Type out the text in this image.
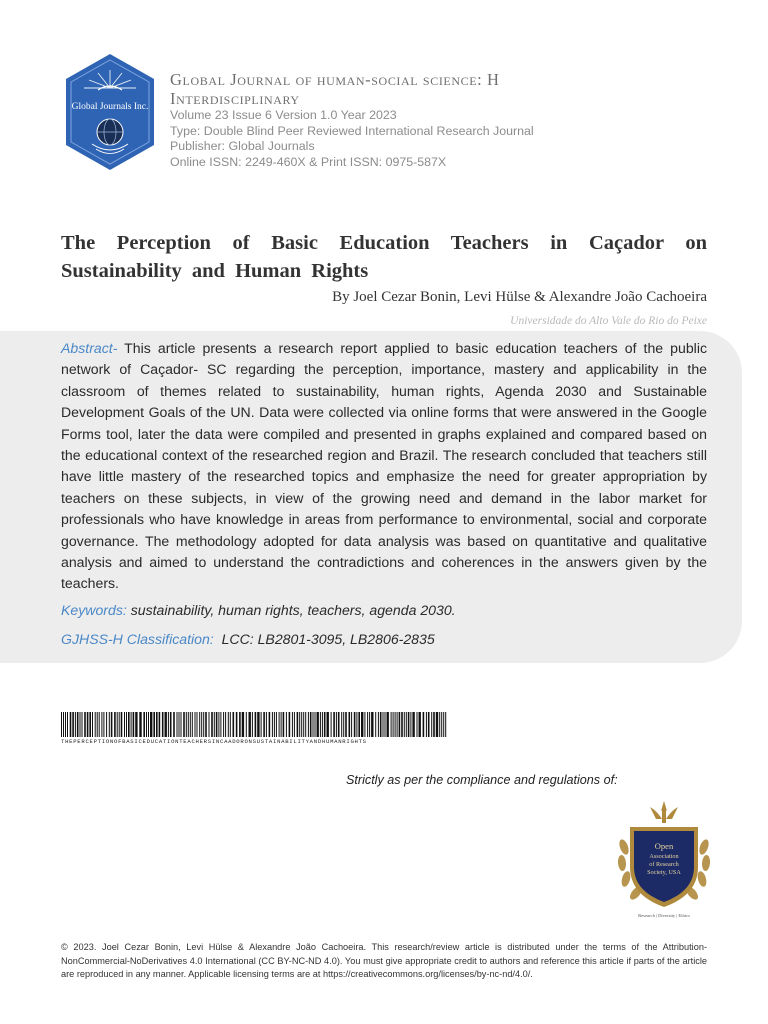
Global Journals Inc.
Global Journal of human-social science: H
Interdisciplinary
Volume 23 Issue 6 Version 1.0 Year 2023
Type: Double Blind Peer Reviewed International Research Journal
Publisher: Global Journals
Online ISSN: 2249-460X & Print ISSN: 0975-587X
The Perception of Basic Education Teachers in Caçador on Sustainability and Human Rights
By Joel Cezar Bonin, Levi Hülse & Alexandre João Cachoeira
Universidade do Alto Vale do Rio do Peixe

Abstract- This article presents a research report applied to basic education teachers of the public network of Caçador- SC regarding the perception, importance, mastery and applicability in the classroom of themes related to sustainability, human rights, Agenda 2030 and Sustainable Development Goals of the UN. Data were collected via online forms that were answered in the Google Forms tool, later the data were compiled and presented in graphs explained and compared based on the educational context of the researched region and Brazil. The research concluded that teachers still have little mastery of the researched topics and emphasize the need for greater appropriation by teachers on these subjects, in view of the growing need and demand in the labor market for professionals who have knowledge in areas from performance to environmental, social and corporate governance. The methodology adopted for data analysis was based on quantitative and qualitative analysis and aimed to understand the contradictions and coherences in the answers given by the teachers.

Keywords: sustainability, human rights, teachers, agenda 2030.

GJHSS-H Classification:  LCC: LB2801-3095, LB2806-2835

THEPERCEPTIONOFBASICEDUCATIONTEACHERSINCAADORONSUSTAINABILITYANDHUMANRIGHTS
Strictly as per the compliance and regulations of:
Open
Association
of Research
Society, USA
Research | Diversity | Ethics

© 2023. Joel Cezar Bonin, Levi Hülse & Alexandre João Cachoeira. This research/review article is distributed under the terms of the Attribution-NonCommercial-NoDerivatives 4.0 International (CC BY-NC-ND 4.0). You must give appropriate credit to authors and reference this article if parts of the article are reproduced in any manner. Applicable licensing terms are at https://creativecommons.org/licenses/by-nc-nd/4.0/.
